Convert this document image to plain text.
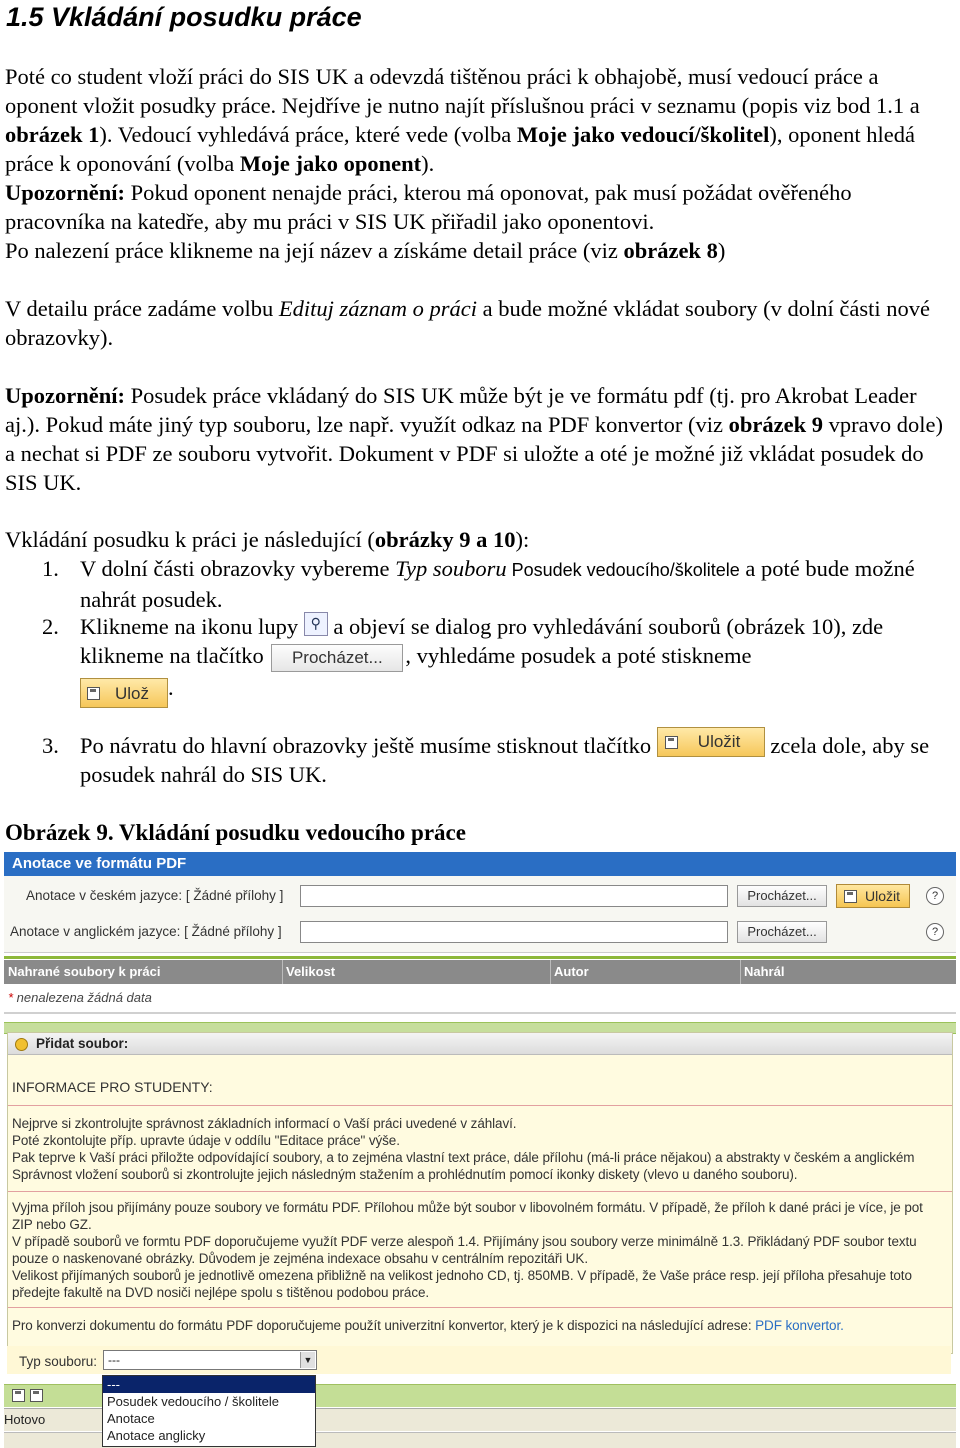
1.5 Vkládání posudku práce

Poté co student vloží práci do SIS UK a odevzdá tištěnou práci k obhajobě, musí vedoucí práce a oponent vložit posudky práce. Nejdříve je nutno najít příslušnou práci v seznamu (popis viz bod 1.1 a obrázek 1). Vedoucí vyhledává práce, které vede (volba Moje jako vedoucí/školitel), oponent hledá práce k oponování (volba Moje jako oponent).

Upozornění: Pokud oponent nenajde práci, kterou má oponovat, pak musí požádat ověřeného pracovníka na katedře, aby mu práci v SIS UK přiřadil jako oponentovi.

Po nalezení práce klikneme na její název a získáme detail práce (viz obrázek 8)

V detailu práce zadáme volbu Edituj záznam o práci a bude možné vkládat soubory (v dolní části nové obrazovky).

Upozornění: Posudek práce vkládaný do SIS UK může být je ve formátu pdf (tj. pro Akrobat Leader aj.). Pokud máte jiný typ souboru, lze např. využít odkaz na PDF konvertor (viz obrázek 9 vpravo dole) a nechat si PDF ze souboru vytvořit. Dokument v PDF si uložte a oté je možné již vkládat posudek do SIS UK.

Vkládání posudku k práci je následující (obrázky 9 a 10):

1. V dolní části obrazovky vybereme Typ souboru Posudek vedoucího/školitele a poté bude možné nahrát posudek.
2. Klikneme na ikonu lupy ⚲ a objeví se dialog pro vyhledávání souborů (obrázek 10), zde klikneme na tlačítko Procházet... , vyhledáme posudek a poté stiskneme

Ulož .
3. Po návratu do hlavní obrazovky ještě musíme stisknout tlačítko
Uložit zcela dole, aby se posudek nahrál do SIS UK.

Obrázek 9. Vkládání posudku vedoucího práce

Anotace ve formátu PDF
Anotace v českém jazyce: [ Žádné přílohy ]	Procházet...	Uložit	?
Anotace v anglickém jazyce: [ Žádné přílohy ]	Procházet...	?
Nahrané soubory k práci	Velikost	Autor	Nahrál
* nenalezena žádná data
Přidat soubor:
INFORMACE PRO STUDENTY:
Nejprve si zkontrolujte správnost základních informací o Vaší práci uvedené v záhlaví.
Poté zkontolujte příp. upravte údaje v oddílu "Editace práce" výše.
Pak teprve k Vaší práci přiložte odpovídající soubory, a to zejména vlastní text práce, dále přílohu (má-li práce nějakou) a abstrakty v českém a anglickém
Správnost vložení souborů si zkontrolujte jejich následným stažením a prohlédnutím pomocí ikonky diskety (vlevo u daného souboru).
Vyjma příloh jsou přijímány pouze soubory ve formátu PDF. Přílohou může být soubor v libovolném formátu. V případě, že příloh k dané práci je více, je pot
ZIP nebo GZ.
V případě souborů ve formtu PDF doporučujeme využít PDF verze alespoň 1.4. Přijímány jsou soubory verze minimálně 1.3. Přikládaný PDF soubor textu
pouze o naskenované obrázky. Důvodem je zejména indexace obsahu v centrálním repozitáři UK.
Velikost přijímaných souborů je jednotlivě omezena přibližně na velikost jednoho CD, tj. 850MB. V případě, že Vaše práce resp. její příloha přesahuje toto
předejte fakultě na DVD nosiči nejlépe spolu s tištěnou podobou práce.
Pro konverzi dokumentu do formátu PDF doporučujeme použít univerzitní konvertor, který je k dispozici na následující adrese: PDF konvertor.
Typ souboru: ---	▼
Hotovo
---
Posudek vedoucího / školitele
Anotace
Anotace anglicky
